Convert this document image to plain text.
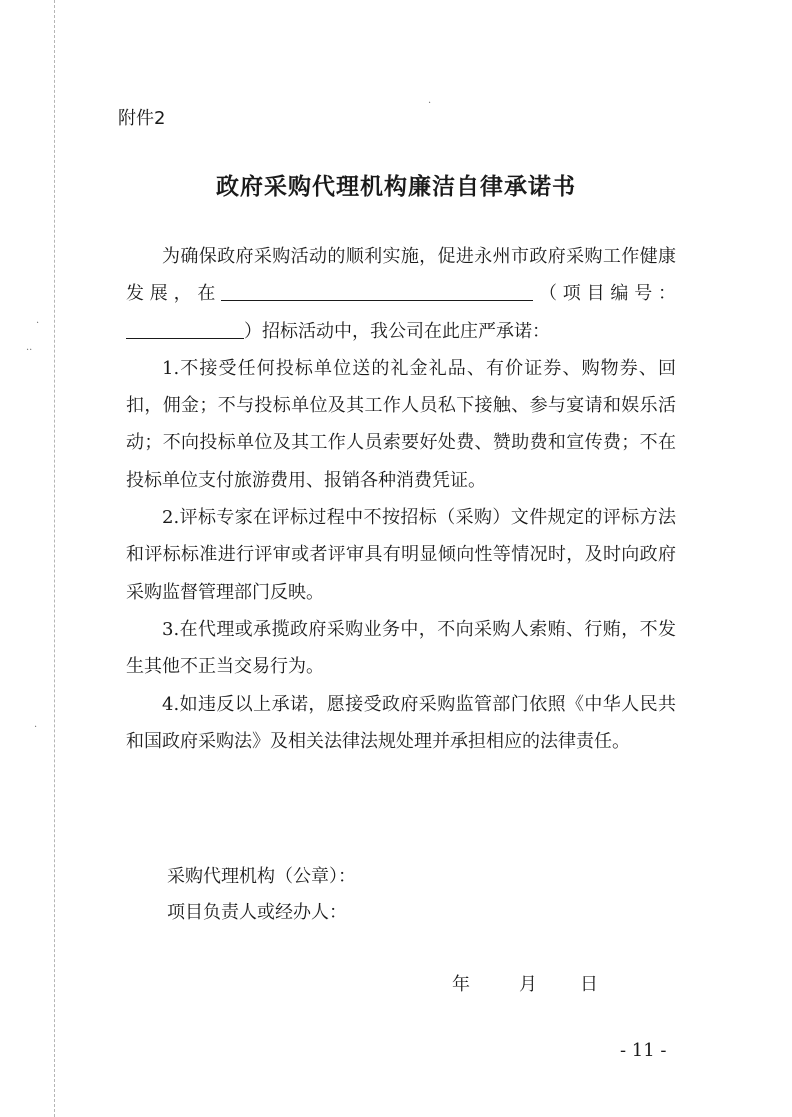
·
··
·
·
附件2
政府采购代理机构廉洁自律承诺书

为确保政府采购活动的顺利实施，促进永州市政府采购工作健康发展，在	（项目编号：）招标活动中，我公司在此庄严承诺：

1.不接受任何投标单位送的礼金礼品、有价证券、购物券、回扣，佣金；不与投标单位及其工作人员私下接触、参与宴请和娱乐活动；不向投标单位及其工作人员索要好处费、赞助费和宣传费；不在投标单位支付旅游费用、报销各种消费凭证。

2.评标专家在评标过程中不按招标（采购）文件规定的评标方法和评标标准进行评审或者评审具有明显倾向性等情况时，及时向政府采购监督管理部门反映。

3.在代理或承揽政府采购业务中，不向采购人索贿、行贿，不发生其他不正当交易行为。

4.如违反以上承诺，愿接受政府采购监管部门依照《中华人民共和国政府采购法》及相关法律法规处理并承担相应的法律责任。

采购代理机构（公章）：
项目负责人或经办人：
年	月 日
- 11 -
